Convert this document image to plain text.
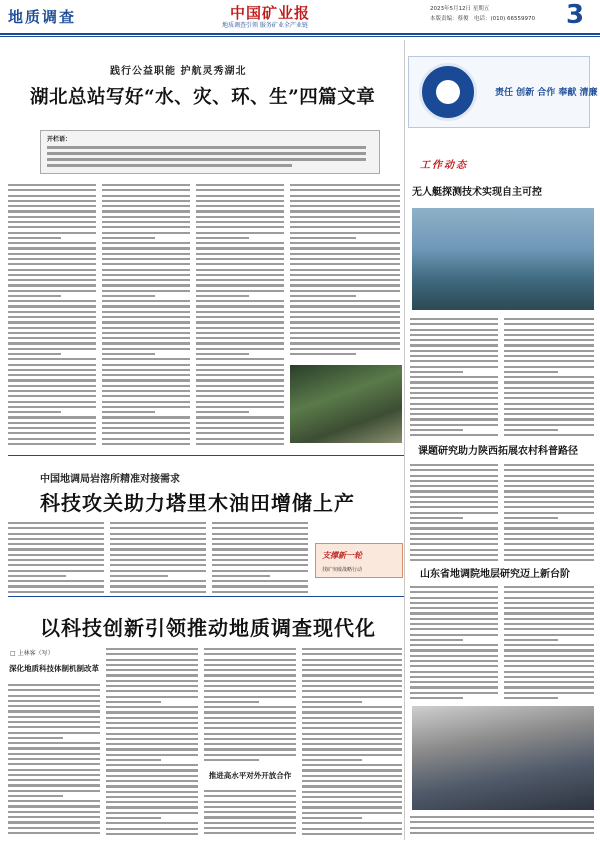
地质调查	中国矿业报
地质调查引领 服务矿业全产业链
2023年5月12日 星期五
本版责编：蔡俊　电话：(010) 66559970 3
践行公益职能 护航灵秀湖北
湖北总站写好“水、灾、环、生”四篇文章
开栏语：
中国地调局岩溶所精准对接需求
科技攻关助力塔里木油田增储上产
支撑新一轮
找矿突破战略行动
以科技创新引领推动地质调查现代化
□ 上林客（写）
深化地质科技体制机制改革
推进高水平对外开放合作
责任 创新 合作 奉献 清廉
工作动态
无人艇探测技术实现自主可控
课题研究助力陕西拓展农村科普路径
山东省地调院地层研究迈上新台阶
